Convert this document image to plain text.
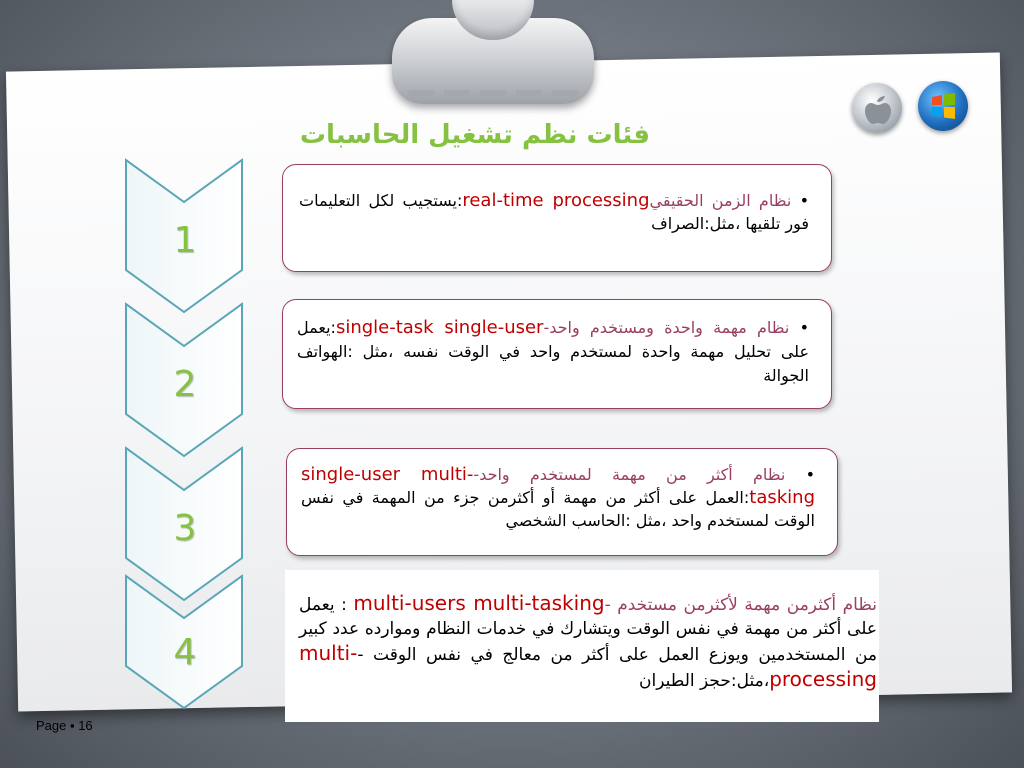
فئات نظم تشغيل الحاسبات
1
2
3
4

• نظام الزمن الحقيقيreal-time processing:يستجيب لكل التعليمات فور تلقيها ،مثل:الصراف

• نظام مهمة واحدة ومستخدم واحد-single-task single-user:يعمل على تحليل مهمة واحدة لمستخدم واحد في الوقت نفسه ،مثل :الهواتف الجوالة

• نظام أكثر من مهمة لمستخدم واحد-single-user multi-tasking:العمل على أكثر من مهمة أو أكثرمن جزء من المهمة في نفس الوقت لمستخدم واحد ،مثل :الحاسب الشخصي

نظام أكثرمن مهمة لأكثرمن مستخدم -multi-users multi-tasking : يعمل على أكثر من مهمة في نفس الوقت ويتشارك في خدمات النظام وموارده عدد كبير من المستخدمين ويوزع العمل على أكثر من معالج في نفس الوقت -multi-processing،مثل:حجز الطيران

Page ▪ 16
